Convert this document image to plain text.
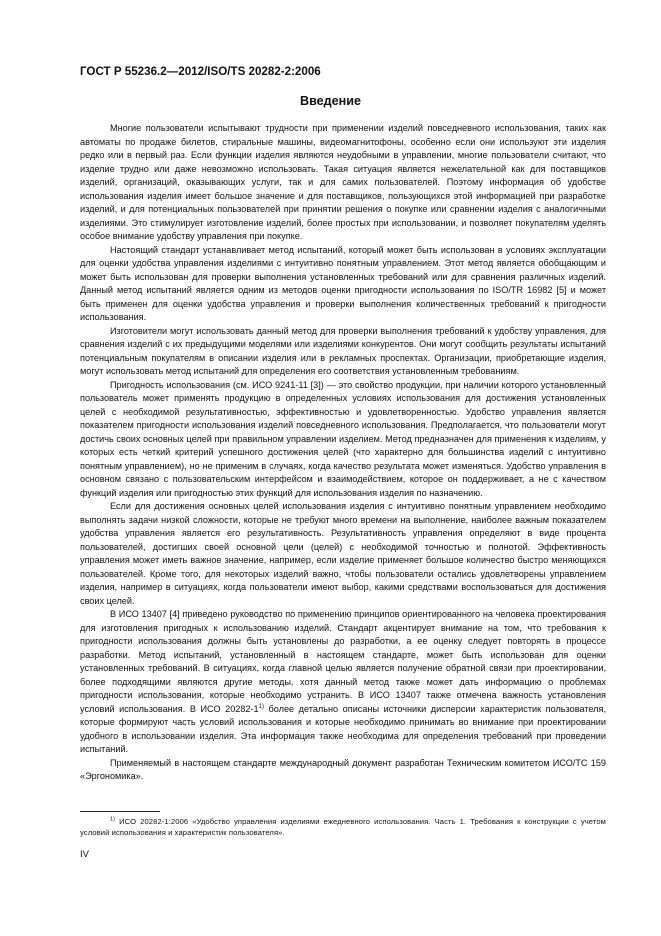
ГОСТ Р 55236.2—2012/ISO/TS 20282-2:2006
Введение

Многие пользователи испытывают трудности при применении изделий повседневного использования, таких как автоматы по продаже билетов, стиральные машины, видеомагнитофоны, особенно если они используют эти изделия редко или в первый раз. Если функции изделия являются неудобными в управлении, многие пользователи считают, что изделие трудно или даже невозможно использовать. Такая ситуация является нежелательной как для поставщиков изделий, организаций, оказывающих услуги, так и для самих пользователей. Поэтому информация об удобстве использования изделия имеет большое значение и для поставщиков, пользующихся этой информацией при разработке изделий, и для потенциальных пользователей при принятии решения о покупке или сравнении изделия с аналогичными изделиями. Это стимулирует изготовление изделий, более простых при использовании, и позволяет покупателям уделять особое внимание удобству управления при покупке.

Настоящий стандарт устанавливает метод испытаний, который может быть использован в условиях эксплуатации для оценки удобства управления изделиями с интуитивно понятным управлением. Этот метод является обобщающим и может быть использован для проверки выполнения установленных требований или для сравнения различных изделий. Данный метод испытаний является одним из методов оценки пригодности использования по ISO/TR 16982 [5] и может быть применен для оценки удобства управления и проверки выполнения количественных требований к пригодности использования.

Изготовители могут использовать данный метод для проверки выполнения требований к удобству управления, для сравнения изделий с их предыдущими моделями или изделиями конкурентов. Они могут сообщить результаты испытаний потенциальным покупателям в описании изделия или в рекламных проспектах. Организации, приобретающие изделия, могут использовать метод испытаний для определения его соответствия установленным требованиям.

Пригодность использования (см. ИСО 9241-11 [3]) — это свойство продукции, при наличии которого установленный пользователь может применять продукцию в определенных условиях использования для достижения установленных целей с необходимой результативностью, эффективностью и удовлетворенностью. Удобство управления является показателем пригодности использования изделий повседневного использования. Предполагается, что пользователи могут достичь своих основных целей при правильном управлении изделием. Метод предназначен для применения к изделиям, у которых есть четкий критерий успешного достижения целей (что характерно для большинства изделий с интуитивно понятным управлением), но не применим в случаях, когда качество результата может изменяться. Удобство управления в основном связано с пользовательским интерфейсом и взаимодействием, которое он поддерживает, а не с качеством функций изделия или пригодностью этих функций для использования изделия по назначению.

Если для достижения основных целей использования изделия с интуитивно понятным управлением необходимо выполнять задачи низкой сложности, которые не требуют много времени на выполнение, наиболее важным показателем удобства управления является его результативность. Результативность управления определяют в виде процента пользователей, достигших своей основной цели (целей) с необходимой точностью и полнотой. Эффективность управления может иметь важное значение, например, если изделие применяет большое количество быстро меняющихся пользователей. Кроме того, для некоторых изделий важно, чтобы пользователи остались удовлетворены управлением изделия, например в ситуациях, когда пользователи имеют выбор, какими средствами воспользоваться для достижения своих целей.

В ИСО 13407 [4] приведено руководство по применению принципов ориентированного на человека проектирования для изготовления пригодных к использованию изделий. Стандарт акцентирует внимание на том, что требования к пригодности использования должны быть установлены до разработки, а ее оценку следует повторять в процессе разработки. Метод испытаний, установленный в настоящем стандарте, может быть использован для оценки установленных требований. В ситуациях, когда главной целью является получение обратной связи при проектировании, более подходящими являются другие методы, хотя данный метод также может дать информацию о проблемах пригодности использования, которые необходимо устранить. В ИСО 13407 также отмечена важность установления условий использования. В ИСО 20282-1$^{1)}$ более детально описаны источники дисперсии характеристик пользователя, которые формируют часть условий использования и которые необходимо принимать во внимание при проектировании удобного в использовании изделия. Эта информация также необходима для определения требований при проведении испытаний.

Применяемый в настоящем стандарте международный документ разработан Техническим комитетом ИСО/ТС 159 «Эргономика».

$^{1)}$ ИСО 20282-1:2006 «Удобство управления изделиями ежедневного использования. Часть 1. Требования к конструкции с учетом условий использования и характеристик пользователя».
IV
